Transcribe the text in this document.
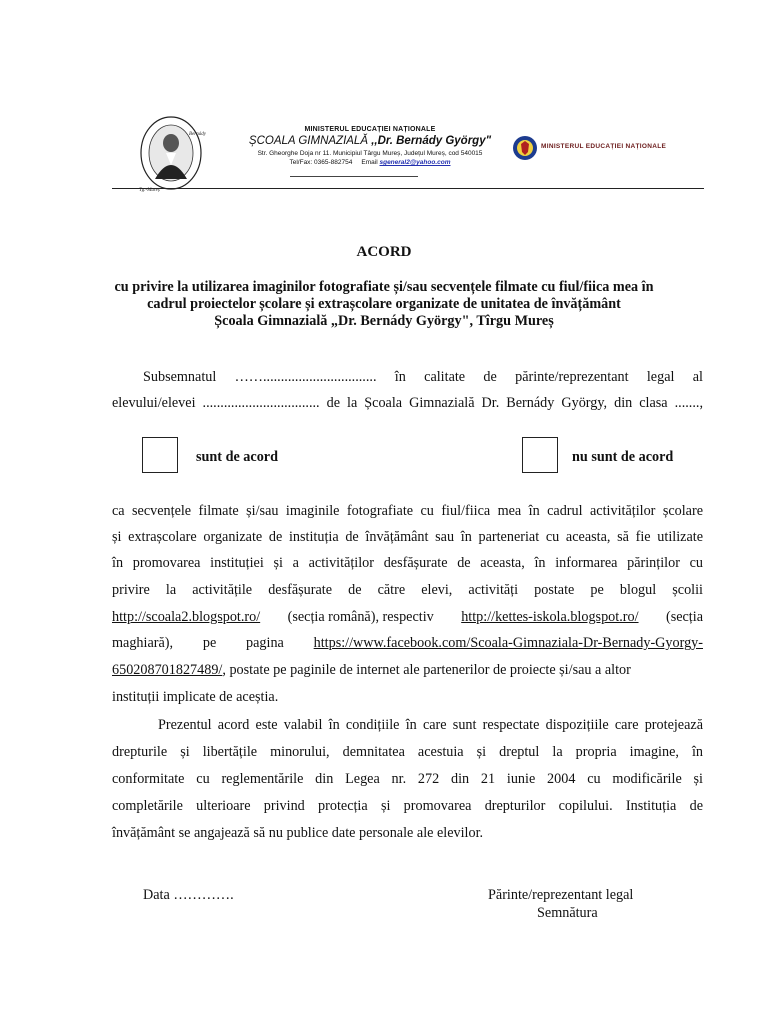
Tg.-Mureș
Bernády
MINISTERUL EDUCAȚIEI NAȚIONALE
ȘCOALA GIMNAZIALĂ ,,Dr. Bernády György"
Str. Gheorghe Doja nr 11. Municipiul Târgu Mureș, Județul Mureș, cod 540015
Tel/Fax: 0365-882754 Email sgeneral2@yahoo.com
MINISTERUL EDUCAȚIEI NAȚIONALE
ACORD
cu privire la utilizarea imaginilor fotografiate și/sau secvențele filmate cu fiul/fiica mea în
cadrul proiectelor școlare și extrașcolare organizate de unitatea de învățământ
Școala Gimnazială „Dr. Bernády György", Tîrgu Mureș
Subsemnatul ……................................ în calitate de părinte/reprezentant legal al
elevului/elevei ................................. de la Școala Gimnazială Dr. Bernády György, din clasa .......,
sunt de acord	nu sunt de acord
ca secvențele filmate și/sau imaginile fotografiate cu fiul/fiica mea în cadrul activităților școlare
și extrașcolare organizate de instituția de învățământ sau în parteneriat cu aceasta, să fie utilizate
în promovarea instituției și a activităților desfășurate de aceasta, în informarea părinților cu
privire la activitățile desfășurate de către elevi, activități postate pe blogul școlii
http://scoala2.blogspot.ro/ (secția română), respectiv http://kettes-iskola.blogspot.ro/ (secția
maghiară), pe pagina https://www.facebook.com/Scoala-Gimnaziala-Dr-Bernady-Gyorgy-
650208701827489/, postate pe paginile de internet ale partenerilor de proiecte și/sau a altor
instituții implicate de aceștia.
Prezentul acord este valabil în condițiile în care sunt respectate dispozițiile care protejează
drepturile și libertățile minorului, demnitatea acestuia și dreptul la propria imagine, în
conformitate cu reglementările din Legea nr. 272 din 21 iunie 2004 cu modificările și
completările ulterioare privind protecția și promovarea drepturilor copilului. Instituția de
învățământ se angajează să nu publice date personale ale elevilor.
Data ………….	Părinte/reprezentant legal
Semnătura
